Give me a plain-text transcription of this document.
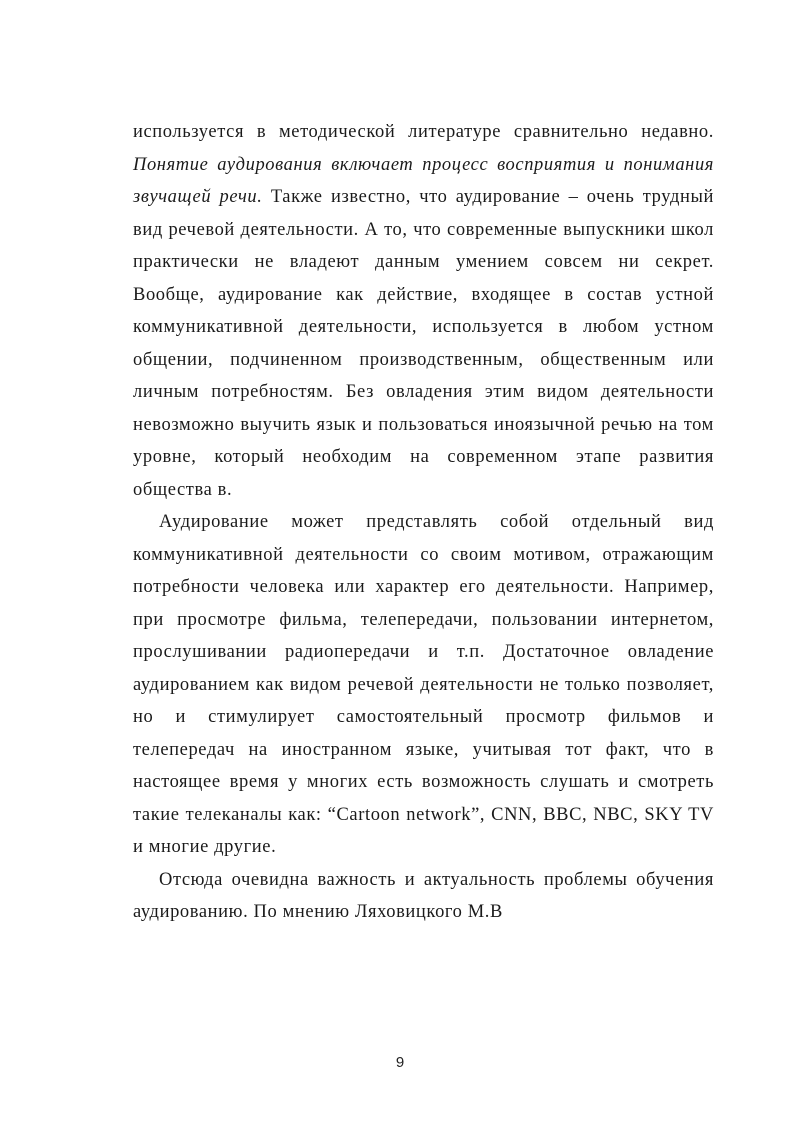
используется в методической литературе сравнительно недавно. Понятие аудирования включает процесс восприятия и понимания звучащей речи. Также известно, что аудирование – очень трудный вид речевой деятельности. А то, что современные выпускники школ практически не владеют данным умением совсем ни секрет. Вообще, аудирование как действие, входящее в состав устной коммуникативной деятельности, используется в любом устном общении, подчиненном производственным, общественным или личным потребностям. Без овладения этим видом деятельности невозможно выучить язык и пользоваться иноязычной речью на том уровне, который необходим на современном этапе развития общества в.

Аудирование может представлять собой отдельный вид коммуникативной деятельности со своим мотивом, отражающим потребности человека или характер его деятельности. Например, при просмотре фильма, телепередачи, пользовании интернетом, прослушивании радиопередачи и т.п. Достаточное овладение аудированием как видом речевой деятельности не только позволяет, но и стимулирует самостоятельный просмотр фильмов и телепередач на иностранном языке, учитывая тот факт, что в настоящее время у многих есть возможность слушать и смотреть такие телеканалы как: “Cartoon network”, CNN, BBC, NBC, SKY TV и многие другие.

Отсюда очевидна важность и актуальность проблемы обучения аудированию. По мнению Ляховицкого М.В

9
